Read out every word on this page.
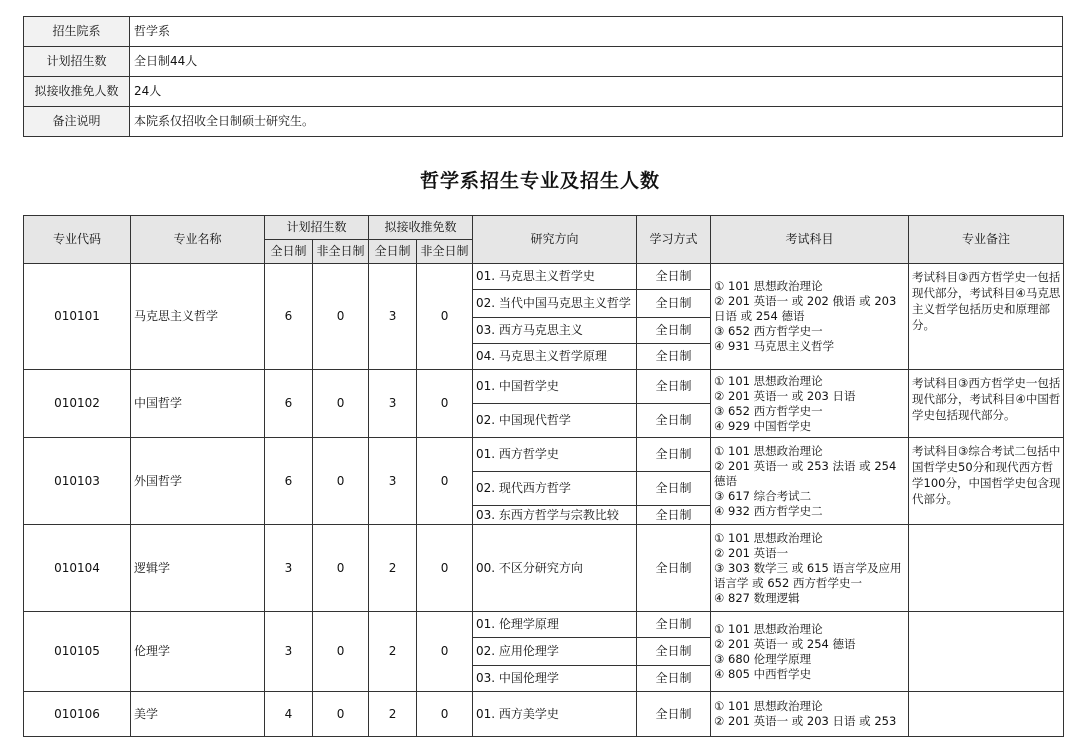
招生院系	哲学系
计划招生数	全日制44人
拟接收推免人数	24人
备注说明	本院系仅招收全日制硕士研究生。
哲学系招生专业及招生人数
专业代码	专业名称	计划招生数		拟接收推免数		研究方向	学习方式	考试科目	专业备注
		全日制	非全日制	全日制	非全日制				
010101	马克思主义哲学	6	0	3	0	01. 马克思主义哲学史	全日制	① 101 思想政治理论
② 201 英语一 或 202 俄语 或 203 日语 或 254 德语
③ 652 西方哲学史一
④ 931 马克思主义哲学	考试科目③西方哲学史一包括现代部分，考试科目④马克思主义哲学包括历史和原理部分。
						02. 当代中国马克思主义哲学	全日制		
						03. 西方马克思主义	全日制		
						04. 马克思主义哲学原理	全日制		
010102	中国哲学	6	0	3	0	01. 中国哲学史	全日制	① 101 思想政治理论
② 201 英语一 或 203 日语
③ 652 西方哲学史一
④ 929 中国哲学史	考试科目③西方哲学史一包括现代部分，考试科目④中国哲学史包括现代部分。
						02. 中国现代哲学	全日制		
010103	外国哲学	6	0	3	0	01. 西方哲学史	全日制	① 101 思想政治理论
② 201 英语一 或 253 法语 或 254 德语
③ 617 综合考试二
④ 932 西方哲学史二	考试科目③综合考试二包括中国哲学史50分和现代西方哲学100分，中国哲学史包含现代部分。
						02. 现代西方哲学	全日制		
						03. 东西方哲学与宗教比较	全日制		
010104	逻辑学	3	0	2	0	00. 不区分研究方向	全日制	① 101 思想政治理论
② 201 英语一
③ 303 数学三 或 615 语言学及应用语言学 或 652 西方哲学史一
④ 827 数理逻辑	
010105	伦理学	3	0	2	0	01. 伦理学原理	全日制	① 101 思想政治理论
② 201 英语一 或 254 德语
③ 680 伦理学原理
④ 805 中西哲学史	
						02. 应用伦理学	全日制		
						03. 中国伦理学	全日制		
010106	美学	4	0	2	0	01. 西方美学史	全日制	① 101 思想政治理论
② 201 英语一 或 203 日语 或 253	
